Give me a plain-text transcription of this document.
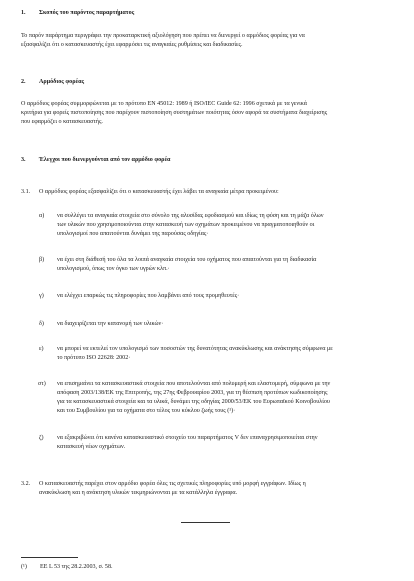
1. Σκοπός του παρόντος παραρτήματος
Το παρόν παράρτημα περιγράφει την προκαταρκτική αξιολόγηση που πρέπει να διενεργεί ο αρμόδιος φορέας για να
εξασφαλίζει ότι ο κατασκευαστής έχει εφαρμόσει τις αναγκαίες ρυθμίσεις και διαδικασίες.
2. Αρμόδιος φορέας
Ο αρμόδιος φορέας συμμορφώνεται με το πρότυπο EN 45012: 1989 ή ISO/IEC Guide 62: 1996 σχετικά με τα γενικά
κριτήρια για φορείς πιστοποίησης που παρέχουν πιστοποίηση συστημάτων ποιότητας όσον αφορά τα συστήματα διαχείρισης
που εφαρμόζει ο κατασκευαστής.
3. Έλεγχοι που διενεργούνται από τον αρμόδιο φορέα
3.1. Ο αρμόδιος φορέας εξασφαλίζει ότι ο κατασκευαστής έχει λάβει τα αναγκαία μέτρα προκειμένου:
α) να συλλέγει τα αναγκαία στοιχεία στο σύνολο της αλυσίδας εφοδιασμού και ιδίως τη φύση και τη μάζα όλων
των υλικών που χρησιμοποιούνται στην κατασκευή των οχημάτων προκειμένου να πραγματοποιηθούν οι
υπολογισμοί που απαιτούνται δυνάμει της παρούσας οδηγίας·
β) να έχει στη διάθεσή του όλα τα λοιπά αναγκαία στοιχεία του οχήματος που απαιτούνται για τη διαδικασία
υπολογισμού, όπως τον όγκο των υγρών κλπ.·
γ) να ελέγχει επαρκώς τις πληροφορίες που λαμβάνει από τους προμηθευτές·
δ) να διαχειρίζεται την κατανομή των υλικών·
ε) να μπορεί να εκτελεί τον υπολογισμό των ποσοστών της δυνατότητας ανακύκλωσης και ανάκτησης σύμφωνα με
το πρότυπο ISO 22628: 2002·
στ) να επισημαίνει τα κατασκευαστικά στοιχεία που αποτελούνται από πολυμερή και ελαστομερή, σύμφωνα με την
απόφαση 2003/138/ΕΚ της Επιτροπής, της 27ης Φεβρουαρίου 2003, για τη θέσπιση προτύπων κωδικοποίησης
για τα κατασκευαστικά στοιχεία και τα υλικά, δυνάμει της οδηγίας 2000/53/ΕΚ του Ευρωπαϊκού Κοινοβουλίου
και του Συμβουλίου για τα οχήματα στο τέλος του κύκλου ζωής τους (¹)·
ζ) να εξακριβώνει ότι κανένα κατασκευαστικό στοιχείο του παραρτήματος V δεν επαναχρησιμοποιείται στην
κατασκευή νέων οχημάτων.
3.2. Ο κατασκευαστής παρέχει στον αρμόδιο φορέα όλες τις σχετικές πληροφορίες υπό μορφή εγγράφων. Ιδίως η
ανακύκλωση και η ανάκτηση υλικών τεκμηριώνονται με τα κατάλληλα έγγραφα.
(¹) ΕΕ L 53 της 28.2.2003, σ. 58.
